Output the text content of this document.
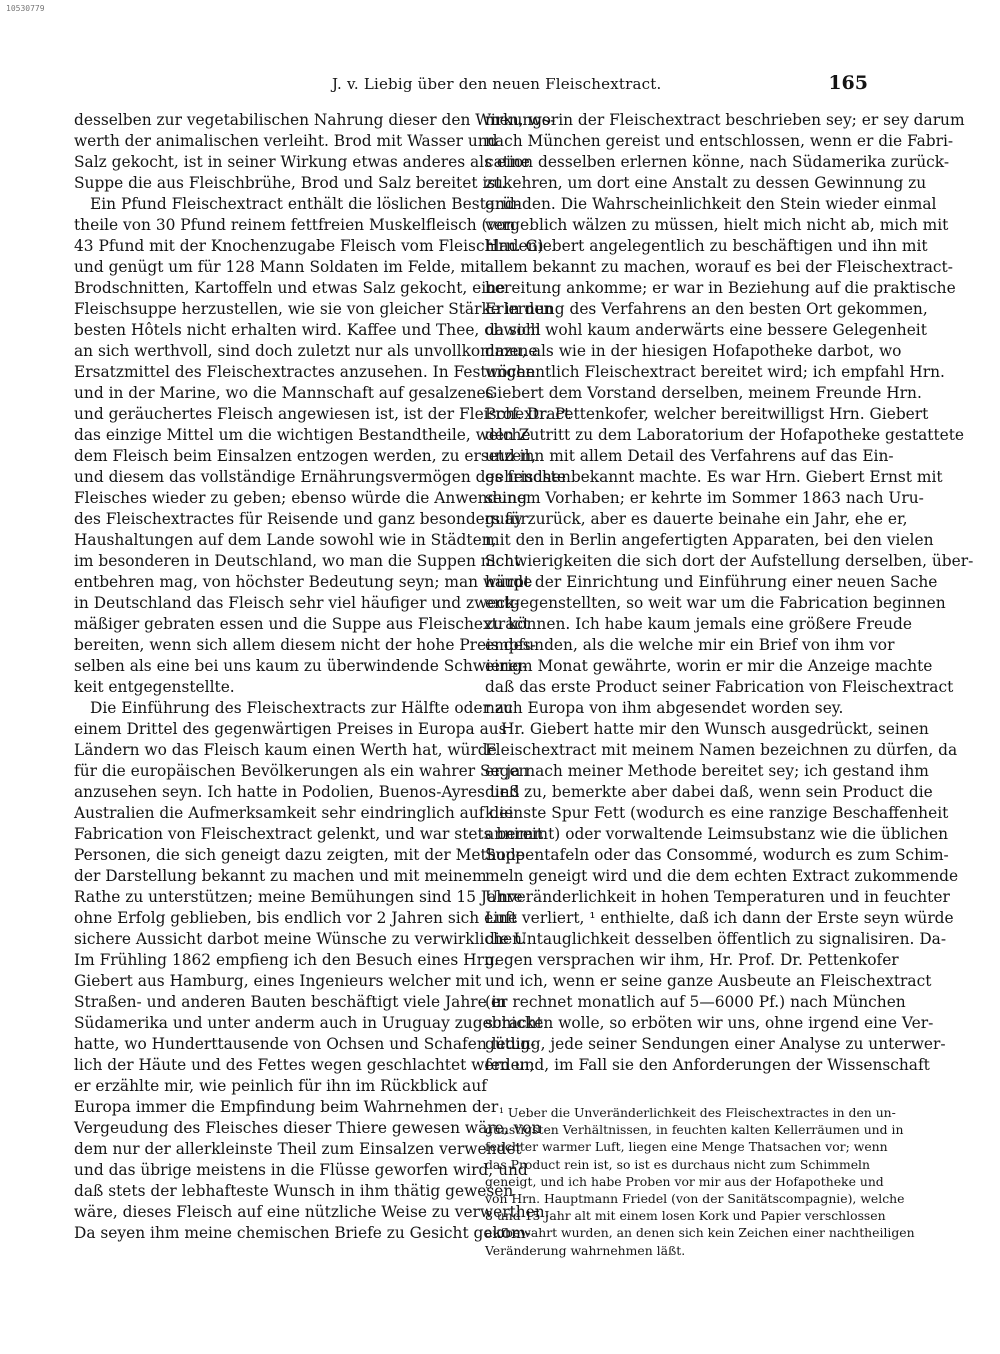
10530779
J. v. Liebig über den neuen Fleischextract.	165
desselben zur vegetabilischen Nahrung dieser den Wirkungs-
werth der animalischen verleiht. Brod mit Wasser und
Salz gekocht, ist in seiner Wirkung etwas anderes als eine
Suppe die aus Fleischbrühe, Brod und Salz bereitet ist.
Ein Pfund Fleischextract enthält die löslichen Bestand-
theile von 30 Pfund reinem fettfreien Muskelfleisch (von
43 Pfund mit der Knochenzugabe Fleisch vom Fleischladen)
und genügt um für 128 Mann Soldaten im Felde, mit
Brodschnitten, Kartoffeln und etwas Salz gekocht, eine
Fleischsuppe herzustellen, wie sie von gleicher Stärke in den
besten Hôtels nicht erhalten wird. Kaffee und Thee, obwohl
an sich werthvoll, sind doch zuletzt nur als unvollkommene
Ersatzmittel des Fleischextractes anzusehen. In Festungen
und in der Marine, wo die Mannschaft auf gesalzenes
und geräuchertes Fleisch angewiesen ist, ist der Fleischextract
das einzige Mittel um die wichtigen Bestandtheile, welche
dem Fleisch beim Einsalzen entzogen werden, zu ersetzen,
und diesem das vollständige Ernährungsvermögen des frischen
Fleisches wieder zu geben; ebenso würde die Anwendung
des Fleischextractes für Reisende und ganz besonders für
Haushaltungen auf dem Lande sowohl wie in Städten,
im besonderen in Deutschland, wo man die Suppen nicht
entbehren mag, von höchster Bedeutung seyn; man würde
in Deutschland das Fleisch sehr viel häufiger und zweck-
mäßiger gebraten essen und die Suppe aus Fleischextract
bereiten, wenn sich allem diesem nicht der hohe Preis des-
selben als eine bei uns kaum zu überwindende Schwierig-
keit entgegenstellte.
Die Einführung des Fleischextracts zur Hälfte oder zu
einem Drittel des gegenwärtigen Preises in Europa aus
Ländern wo das Fleisch kaum einen Werth hat, würde
für die europäischen Bevölkerungen als ein wahrer Segen
anzusehen seyn. Ich hatte in Podolien, Buenos-Ayres und
Australien die Aufmerksamkeit sehr eindringlich auf die
Fabrication von Fleischextract gelenkt, und war stets bereit
Personen, die sich geneigt dazu zeigten, mit der Methode
der Darstellung bekannt zu machen und mit meinem
Rathe zu unterstützen; meine Bemühungen sind 15 Jahre
ohne Erfolg geblieben, bis endlich vor 2 Jahren sich eine
sichere Aussicht darbot meine Wünsche zu verwirklichen.
Im Frühling 1862 empfieng ich den Besuch eines Hrn.
Giebert aus Hamburg, eines Ingenieurs welcher mit
Straßen- und anderen Bauten beschäftigt viele Jahre in
Südamerika und unter anderm auch in Uruguay zugebracht
hatte, wo Hunderttausende von Ochsen und Schafen ledig-
lich der Häute und des Fettes wegen geschlachtet werden;
er erzählte mir, wie peinlich für ihn im Rückblick auf
Europa immer die Empfindung beim Wahrnehmen der
Vergeudung des Fleisches dieser Thiere gewesen wäre, von
dem nur der allerkleinste Theil zum Einsalzen verwendet
und das übrige meistens in die Flüsse geworfen wird, und
daß stets der lebhafteste Wunsch in ihm thätig gewesen
wäre, dieses Fleisch auf eine nützliche Weise zu verwerthen.
Da seyen ihm meine chemischen Briefe zu Gesicht gekom-
men, worin der Fleischextract beschrieben sey; er sey darum
nach München gereist und entschlossen, wenn er die Fabri-
cation desselben erlernen könne, nach Südamerika zurück-
zukehren, um dort eine Anstalt zu dessen Gewinnung zu
gründen. Die Wahrscheinlichkeit den Stein wieder einmal
vergeblich wälzen zu müssen, hielt mich nicht ab, mich mit
Hrn. Giebert angelegentlich zu beschäftigen und ihn mit
allem bekannt zu machen, worauf es bei der Fleischextract-
bereitung ankomme; er war in Beziehung auf die praktische
Erlernung des Verfahrens an den besten Ort gekommen,
da sich wohl kaum anderwärts eine bessere Gelegenheit
dazu, als wie in der hiesigen Hofapotheke darbot, wo
wöchentlich Fleischextract bereitet wird; ich empfahl Hrn.
Giebert dem Vorstand derselben, meinem Freunde Hrn.
Prof. Dr. Pettenkofer, welcher bereitwilligst Hrn. Giebert
den Zutritt zu dem Laboratorium der Hofapotheke gestattete
und ihn mit allem Detail des Verfahrens auf das Ein-
gehendste bekannt machte. Es war Hrn. Giebert Ernst mit
seinem Vorhaben; er kehrte im Sommer 1863 nach Uru-
guay zurück, aber es dauerte beinahe ein Jahr, ehe er,
mit den in Berlin angefertigten Apparaten, bei den vielen
Schwierigkeiten die sich dort der Aufstellung derselben, über-
haupt der Einrichtung und Einführung einer neuen Sache
entgegenstellten, so weit war um die Fabrication beginnen
zu können. Ich habe kaum jemals eine größere Freude
empfunden, als die welche mir ein Brief von ihm vor
einem Monat gewährte, worin er mir die Anzeige machte
daß das erste Product seiner Fabrication von Fleischextract
nach Europa von ihm abgesendet worden sey.
Hr. Giebert hatte mir den Wunsch ausgedrückt, seinen
Fleischextract mit meinem Namen bezeichnen zu dürfen, da
er ja nach meiner Methode bereitet sey; ich gestand ihm
dieß zu, bemerkte aber dabei daß, wenn sein Product die
kleinste Spur Fett (wodurch es eine ranzige Beschaffenheit
annimmt) oder vorwaltende Leimsubstanz wie die üblichen
Suppentafeln oder das Consommé, wodurch es zum Schim-
meln geneigt wird und die dem echten Extract zukommende
Unveränderlichkeit in hohen Temperaturen und in feuchter
Luft verliert, ¹ enthielte, daß ich dann der Erste seyn würde
die Untauglichkeit desselben öffentlich zu signalisiren. Da-
gegen versprachen wir ihm, Hr. Prof. Dr. Pettenkofer
und ich, wenn er seine ganze Ausbeute an Fleischextract
(er rechnet monatlich auf 5—6000 Pf.) nach München
schicken wolle, so erböten wir uns, ohne irgend eine Ver-
gütung, jede seiner Sendungen einer Analyse zu unterwer-
fen und, im Fall sie den Anforderungen der Wissenschaft
¹ Ueber die Unveränderlichkeit des Fleischextractes in den un-
günstigsten Verhältnissen, in feuchten kalten Kellerräumen und in
feuchter warmer Luft, liegen eine Menge Thatsachen vor; wenn
das Product rein ist, so ist es durchaus nicht zum Schimmeln
geneigt, und ich habe Proben vor mir aus der Hofapotheke und
von Hrn. Hauptmann Friedel (von der Sanitätscompagnie), welche
8 und 15 Jahr alt mit einem losen Kork und Papier verschlossen
aufbewahrt wurden, an denen sich kein Zeichen einer nachtheiligen
Veränderung wahrnehmen läßt.
